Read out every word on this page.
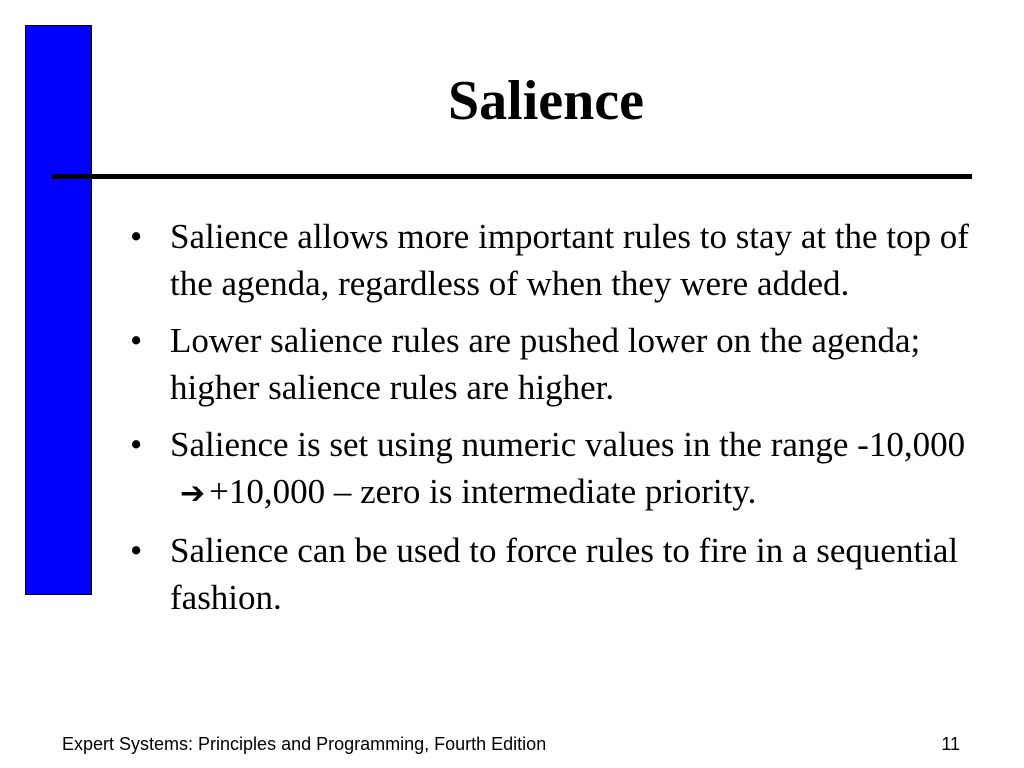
Salience
• Salience allows more important rules to stay at the top of the agenda, regardless of when they were added.
• Lower salience rules are pushed lower on the agenda; higher salience rules are higher.
• Salience is set using numeric values in the range -10,000➔ +10,000 – zero is intermediate priority.
• Salience can be used to force rules to fire in a sequential fashion.
Expert Systems: Principles and Programming, Fourth Edition	11
